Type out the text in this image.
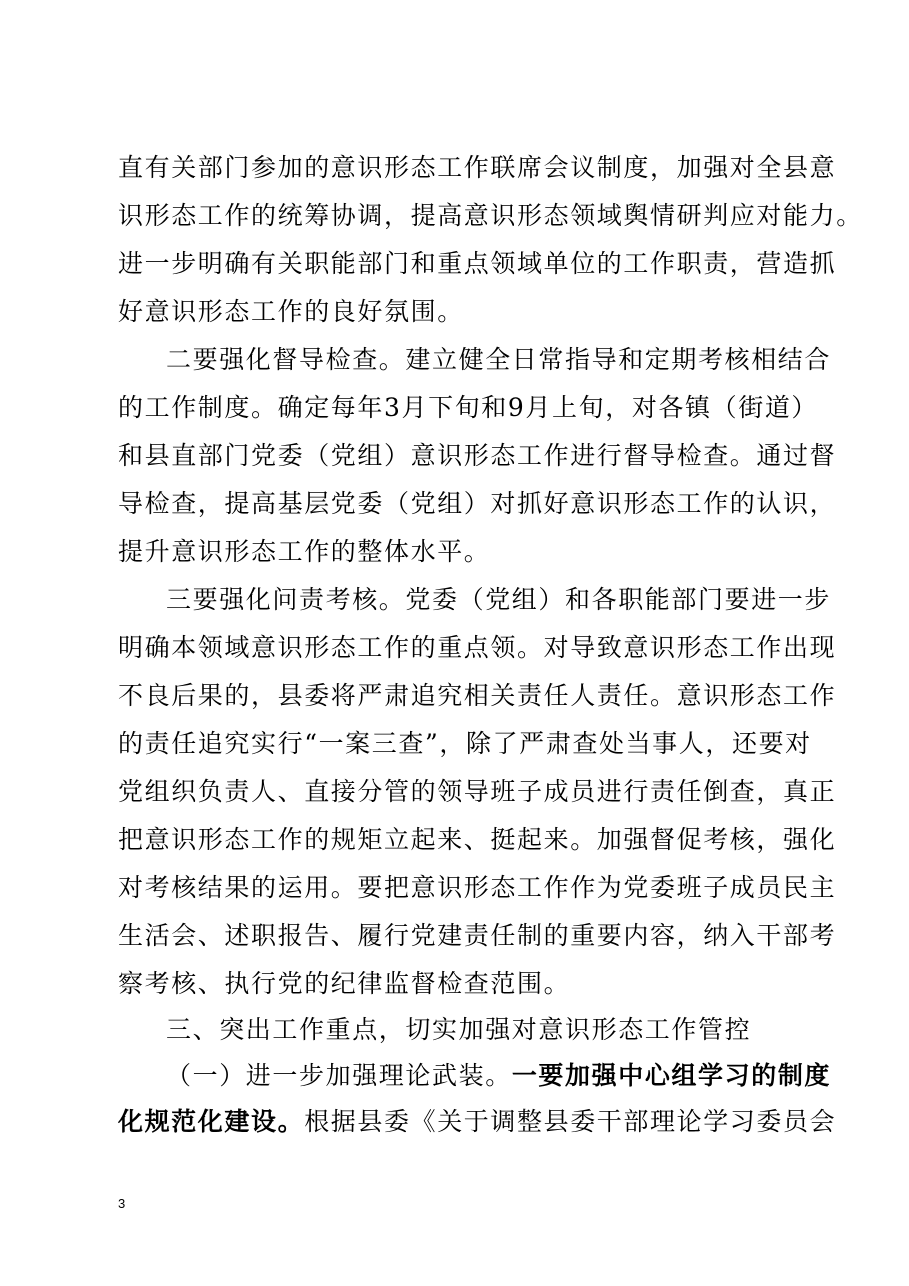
直有关部门参加的意识形态工作联席会议制度，加强对全县意
识形态工作的统筹协调，提高意识形态领域舆情研判应对能力。
进一步明确有关职能部门和重点领域单位的工作职责，营造抓
好意识形态工作的良好氛围。
二要强化督导检查。建立健全日常指导和定期考核相结合
的工作制度。确定每年3月下旬和9月上旬，对各镇（街道）
和县直部门党委（党组）意识形态工作进行督导检查。通过督
导检查，提高基层党委（党组）对抓好意识形态工作的认识，
提升意识形态工作的整体水平。
三要强化问责考核。党委（党组）和各职能部门要进一步
明确本领域意识形态工作的重点领。对导致意识形态工作出现
不良后果的，县委将严肃追究相关责任人责任。意识形态工作
的责任追究实行“一案三查”，除了严肃查处当事人，还要对
党组织负责人、直接分管的领导班子成员进行责任倒查，真正
把意识形态工作的规矩立起来、挺起来。加强督促考核，强化
对考核结果的运用。要把意识形态工作作为党委班子成员民主
生活会、述职报告、履行党建责任制的重要内容，纳入干部考
察考核、执行党的纪律监督检查范围。
三、突出工作重点，切实加强对意识形态工作管控
（一）进一步加强理论武装。一要加强中心组学习的制度
化规范化建设。根据县委《关于调整县委干部理论学习委员会
3
